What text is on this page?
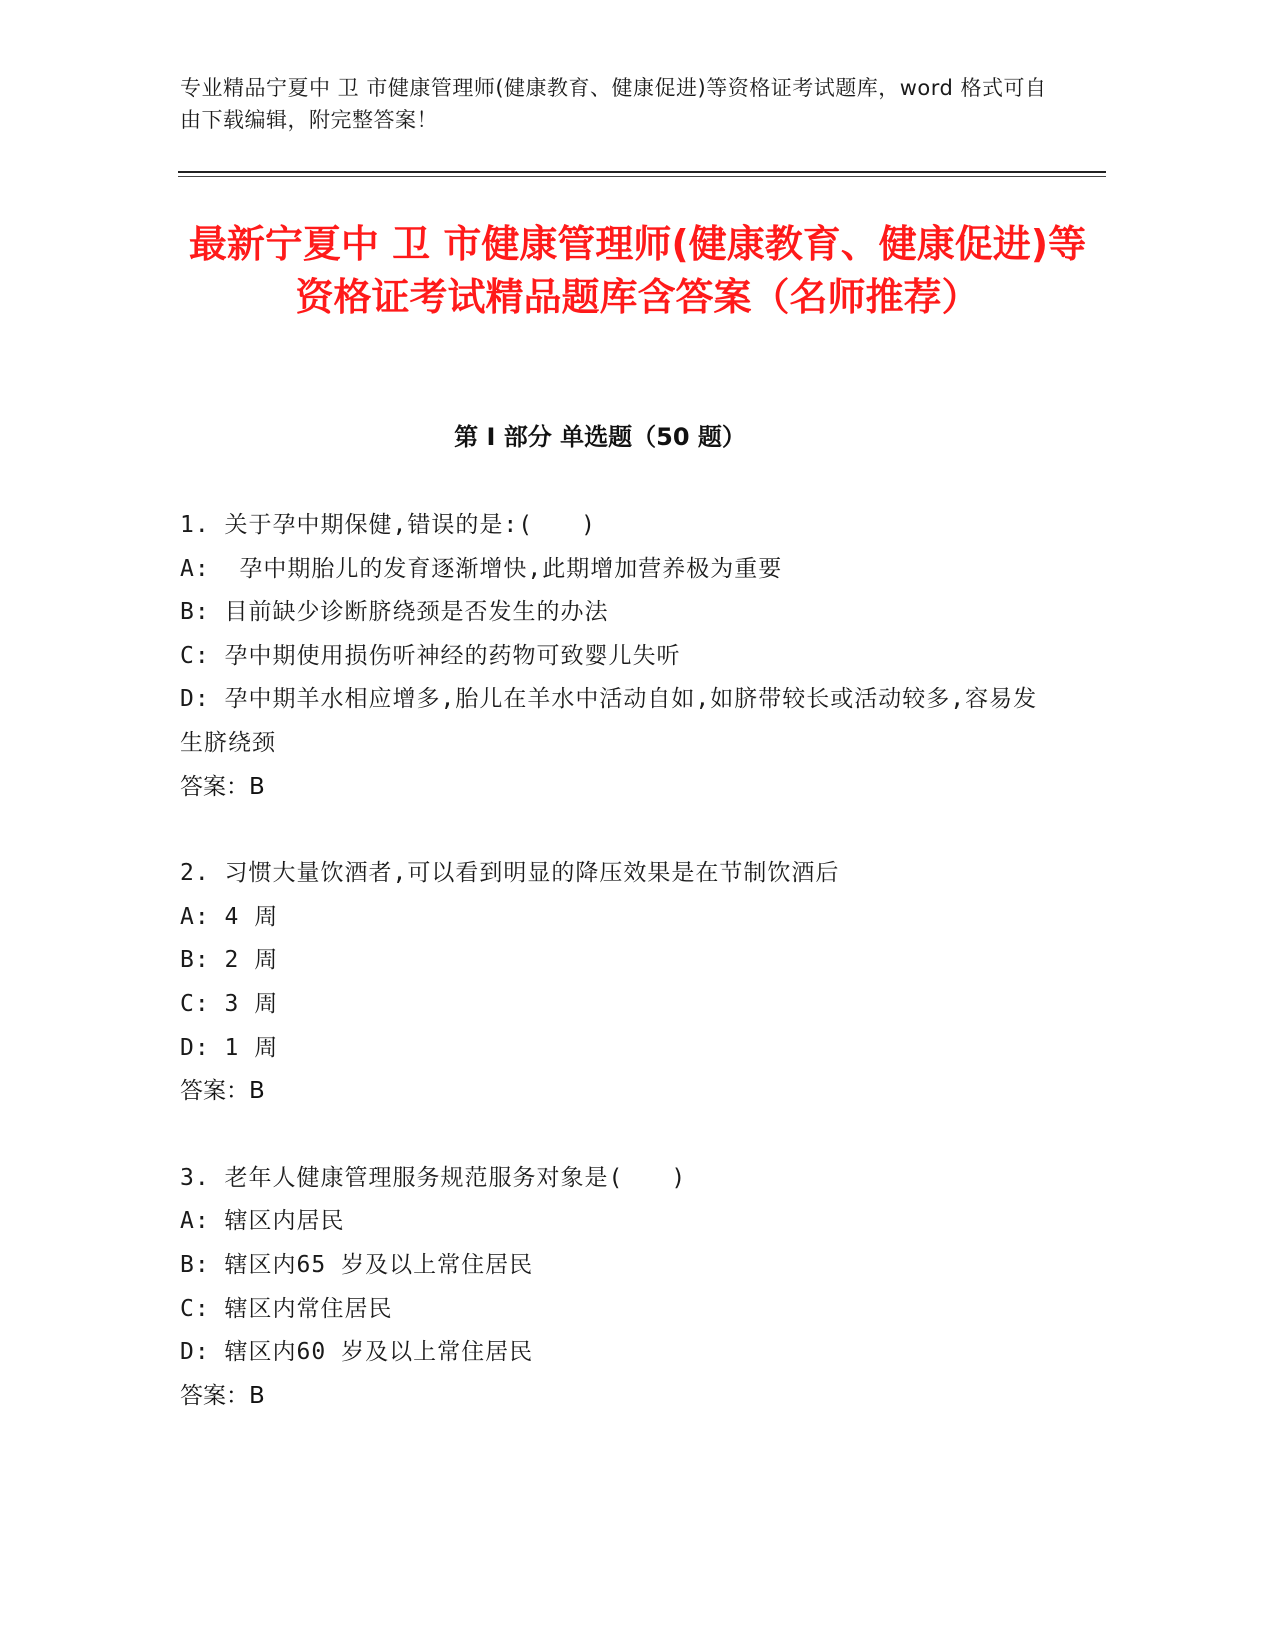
专业精品宁夏中 卫 市健康管理师(健康教育、健康促进)等资格证考试题库，word 格式可自由下载编辑，附完整答案！
最新宁夏中 卫 市健康管理师(健康教育、健康促进)等资格证考试精品题库含答案（名师推荐）
第 I 部分 单选题（50 题）
1. 关于孕中期保健,错误的是:(　　)
A:  孕中期胎儿的发育逐渐增快,此期增加营养极为重要
B: 目前缺少诊断脐绕颈是否发生的办法
C: 孕中期使用损伤听神经的药物可致婴儿失听
D: 孕中期羊水相应增多,胎儿在羊水中活动自如,如脐带较长或活动较多,容易发生脐绕颈
答案：B
2. 习惯大量饮酒者,可以看到明显的降压效果是在节制饮酒后
A: 4 周
B: 2 周
C: 3 周
D: 1 周
答案：B
3. 老年人健康管理服务规范服务对象是(　　)
A: 辖区内居民
B: 辖区内65 岁及以上常住居民
C: 辖区内常住居民
D: 辖区内60 岁及以上常住居民
答案：B
